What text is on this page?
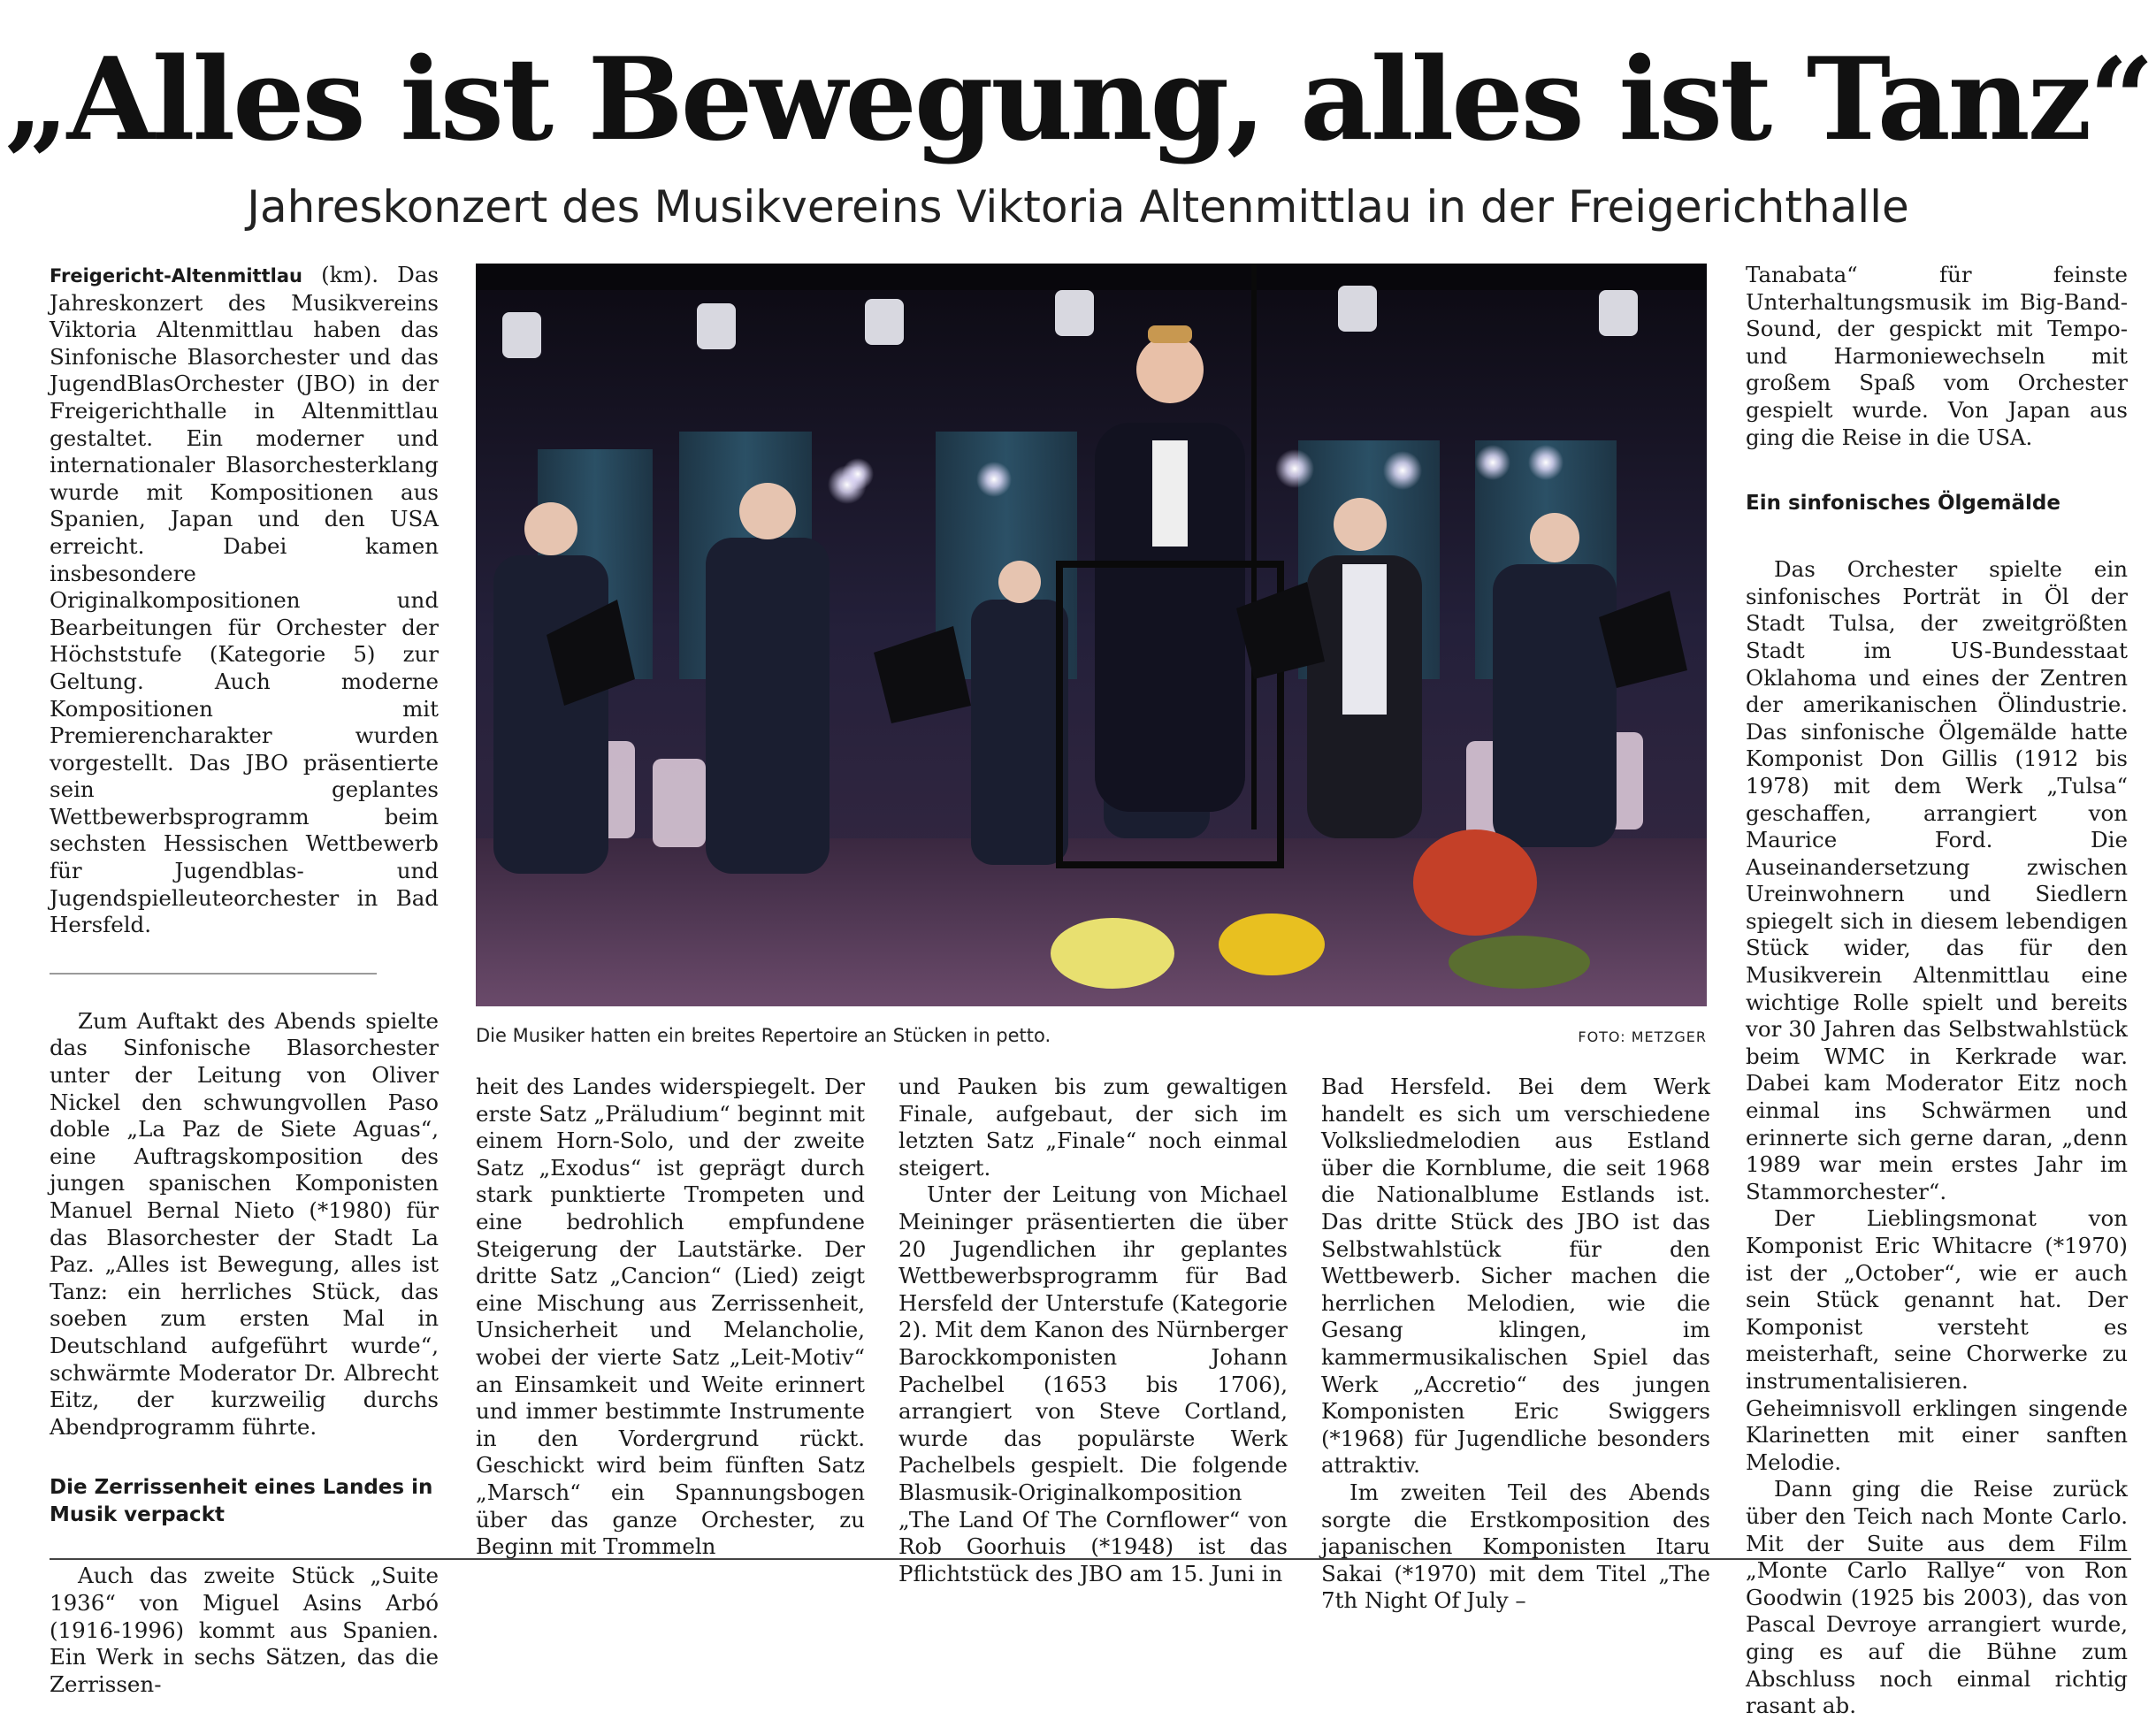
„Alles ist Bewegung, alles ist Tanz“
Jahreskonzert des Musikvereins Viktoria Altenmittlau in der Freigerichthalle

Freigericht-Altenmittlau (km). Das Jahreskonzert des Musikvereins Viktoria Altenmittlau haben das Sinfonische Blasorchester und das JugendBlasOrchester (JBO) in der Freigerichthalle in Altenmittlau gestaltet. Ein moderner und internationaler Blasorchesterklang wurde mit Kompositionen aus Spanien, Japan und den USA erreicht. Dabei kamen insbesondere Originalkompositionen und Bearbeitungen für Orchester der Höchststufe (Kategorie 5) zur Geltung. Auch moderne Kompositionen mit Premierencharakter wurden vorgestellt. Das JBO präsentierte sein geplantes Wettbewerbsprogramm beim sechsten Hessischen Wettbewerb für Jugendblas- und Jugendspielleuteorchester in Bad Hersfeld.

Zum Auftakt des Abends spielte das Sinfonische Blasorchester unter der Leitung von Oliver Nickel den schwungvollen Paso doble „La Paz de Siete Aguas“, eine Auftragskomposition des jungen spanischen Komponisten Manuel Bernal Nieto (*1980) für das Blasorchester der Stadt La Paz. „Alles ist Bewegung, alles ist Tanz: ein herrliches Stück, das soeben zum ersten Mal in Deutschland aufgeführt wurde“, schwärmte Moderator Dr. Albrecht Eitz, der kurzweilig durchs Abendprogramm führte.

Die Zerrissenheit eines Landes in Musik verpackt

Auch das zweite Stück „Suite 1936“ von Miguel Asins Arbó (1916-1996) kommt aus Spanien. Ein Werk in sechs Sätzen, das die Zerrissen-

Die Musiker hatten ein breites Repertoire an Stücken in petto.	FOTO: METZGER

heit des Landes widerspiegelt. Der erste Satz „Präludium“ beginnt mit einem Horn-Solo, und der zweite Satz „Exodus“ ist geprägt durch stark punktierte Trompeten und eine bedrohlich empfundene Steigerung der Lautstärke. Der dritte Satz „Cancion“ (Lied) zeigt eine Mischung aus Zerrissenheit, Unsicherheit und Melancholie, wobei der vierte Satz „Leit-Motiv“ an Einsamkeit und Weite erinnert und immer bestimmte Instrumente in den Vordergrund rückt. Geschickt wird beim fünften Satz „Marsch“ ein Spannungsbogen über das ganze Orchester, zu Beginn mit Trommeln

und Pauken bis zum gewaltigen Finale, aufgebaut, der sich im letzten Satz „Finale“ noch einmal steigert.

Unter der Leitung von Michael Meininger präsentierten die über 20 Jugendlichen ihr geplantes Wettbewerbsprogramm für Bad Hersfeld der Unterstufe (Kategorie 2). Mit dem Kanon des Nürnberger Barockkomponisten Johann Pachelbel (1653 bis 1706), arrangiert von Steve Cortland, wurde das populärste Werk Pachelbels gespielt. Die folgende Blasmusik-Originalkomposition „The Land Of The Cornflower“ von Rob Goorhuis (*1948) ist das Pflichtstück des JBO am 15. Juni in

Bad Hersfeld. Bei dem Werk handelt es sich um verschiedene Volksliedmelodien aus Estland über die Kornblume, die seit 1968 die Nationalblume Estlands ist. Das dritte Stück des JBO ist das Selbstwahlstück für den Wettbewerb. Sicher machen die herrlichen Melodien, wie die Gesang klingen, im kammermusikalischen Spiel das Werk „Accretio“ des jungen Komponisten Eric Swiggers (*1968) für Jugendliche besonders attraktiv.

Im zweiten Teil des Abends sorgte die Erstkomposition des japanischen Komponisten Itaru Sakai (*1970) mit dem Titel „The 7th Night Of July –

Tanabata“ für feinste Unterhaltungsmusik im Big-Band-Sound, der gespickt mit Tempo- und Harmoniewechseln mit großem Spaß vom Orchester gespielt wurde. Von Japan aus ging die Reise in die USA.

Ein sinfonisches Ölgemälde

Das Orchester spielte ein sinfonisches Porträt in Öl der Stadt Tulsa, der zweitgrößten Stadt im US-Bundesstaat Oklahoma und eines der Zentren der amerikanischen Ölindustrie. Das sinfonische Ölgemälde hatte Komponist Don Gillis (1912 bis 1978) mit dem Werk „Tulsa“ geschaffen, arrangiert von Maurice Ford. Die Auseinandersetzung zwischen Ureinwohnern und Siedlern spiegelt sich in diesem lebendigen Stück wider, das für den Musikverein Altenmittlau eine wichtige Rolle spielt und bereits vor 30 Jahren das Selbstwahlstück beim WMC in Kerkrade war. Dabei kam Moderator Eitz noch einmal ins Schwärmen und erinnerte sich gerne daran, „denn 1989 war mein erstes Jahr im Stammorchester“.

Der Lieblingsmonat von Komponist Eric Whitacre (*1970) ist der „October“, wie er auch sein Stück genannt hat. Der Komponist versteht es meisterhaft, seine Chorwerke zu instrumentalisieren. Geheimnisvoll erklingen singende Klarinetten mit einer sanften Melodie.

Dann ging die Reise zurück über den Teich nach Monte Carlo. Mit der Suite aus dem Film „Monte Carlo Rallye“ von Ron Goodwin (1925 bis 2003), das von Pascal Devroye arrangiert wurde, ging es auf die Bühne zum Abschluss noch einmal richtig rasant ab.
